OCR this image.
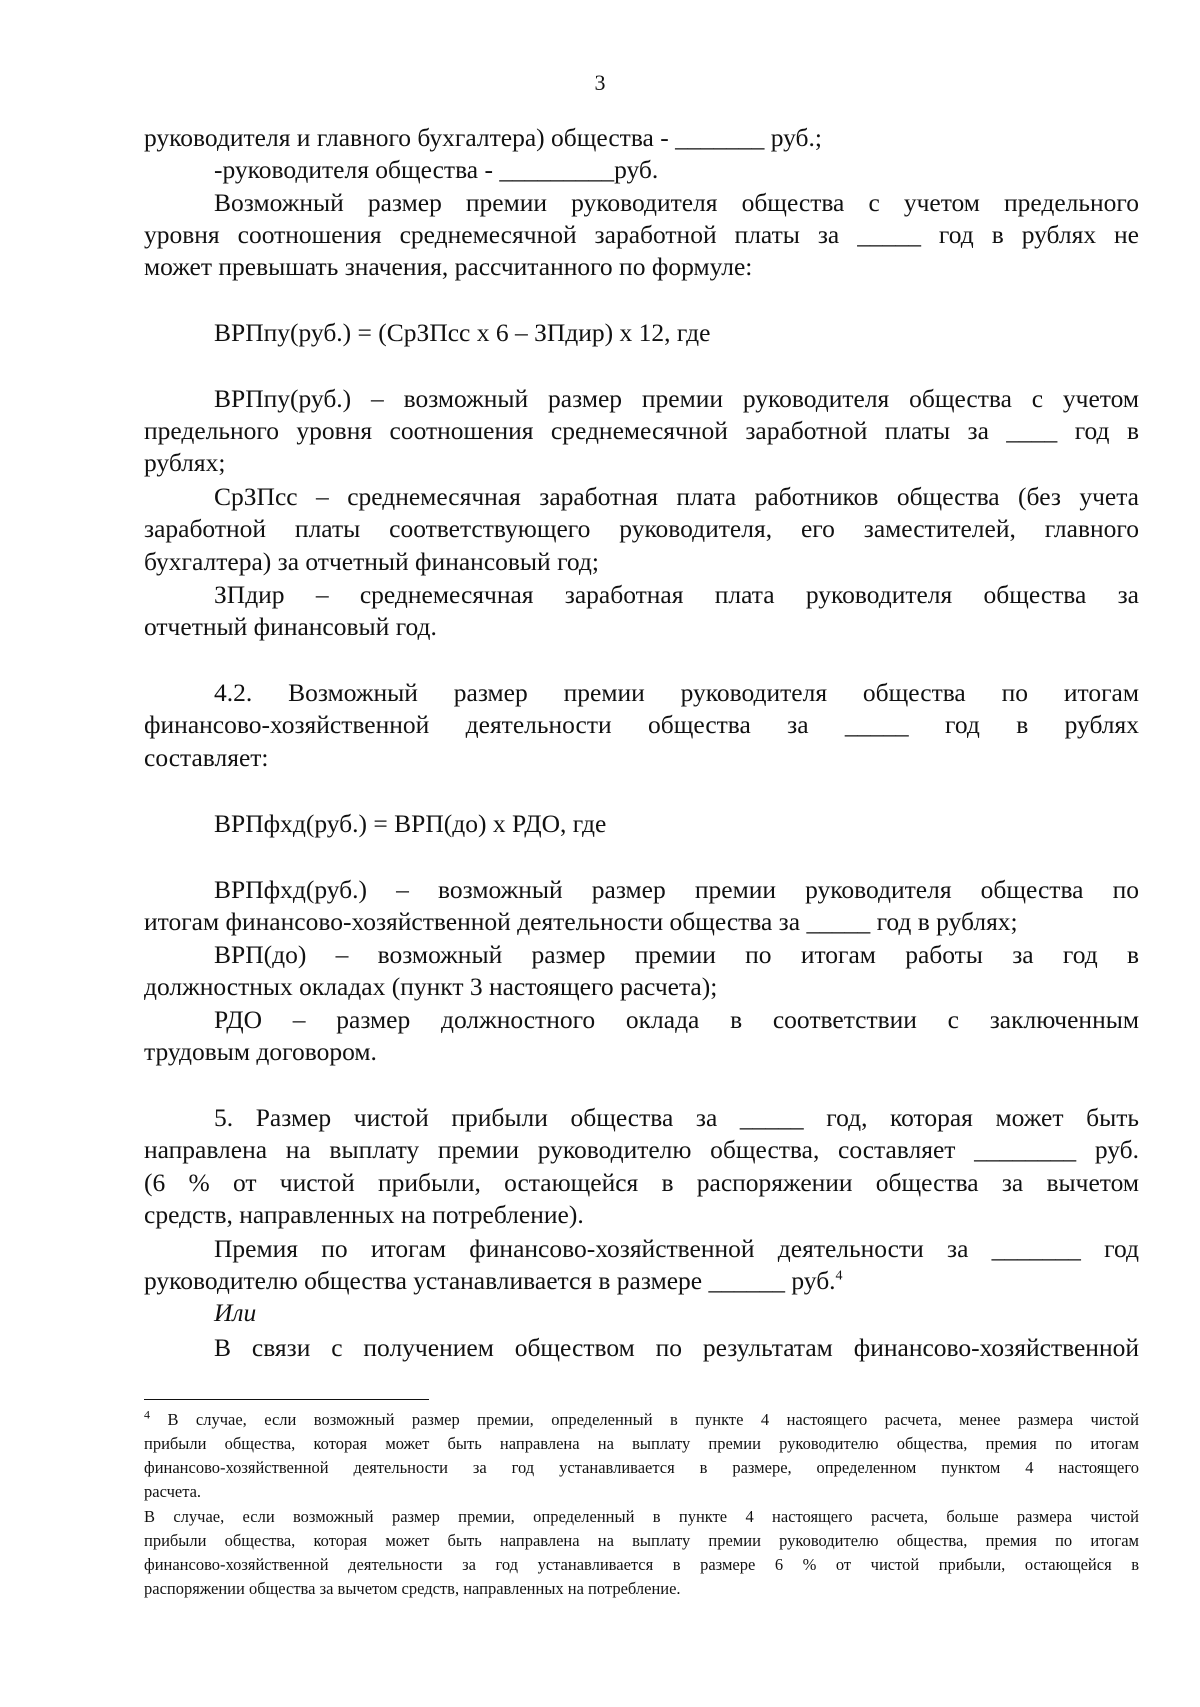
3
руководителя и главного бухгалтера) общества - _______ руб.;
-руководителя общества - _________руб.
Возможный размер премии руководителя общества с учетом предельного
уровня соотношения среднемесячной заработной платы за _____ год в рублях не
может превышать значения, рассчитанного по формуле:
ВРПпу(руб.) = (СрЗПсс х 6 – ЗПдир) х 12, где
ВРПпу(руб.) – возможный размер премии руководителя общества с учетом
предельного уровня соотношения среднемесячной заработной платы за ____ год в
рублях;
СрЗПсс – среднемесячная заработная плата работников общества (без учета
заработной платы соответствующего руководителя, его заместителей, главного
бухгалтера) за отчетный финансовый год;
ЗПдир – среднемесячная заработная плата руководителя общества за
отчетный финансовый год.
4.2. Возможный размер премии руководителя общества по итогам
финансово-хозяйственной деятельности общества за _____ год в рублях
составляет:
ВРПфхд(руб.) = ВРП(до) х РДО, где
ВРПфхд(руб.) – возможный размер премии руководителя общества по
итогам финансово-хозяйственной деятельности общества за _____ год в рублях;
ВРП(до) – возможный размер премии по итогам работы за год в
должностных окладах (пункт 3 настоящего расчета);
РДО – размер должностного оклада в соответствии с заключенным
трудовым договором.
5. Размер чистой прибыли общества за _____ год, которая может быть
направлена на выплату премии руководителю общества, составляет ________ руб.
(6 % от чистой прибыли, остающейся в распоряжении общества за вычетом
средств, направленных на потребление).
Премия по итогам финансово-хозяйственной деятельности за _______ год
руководителю общества устанавливается в размере ______ руб.$^4$
Или
В связи с получением обществом по результатам финансово-хозяйственной
$^4$ В случае, если возможный размер премии, определенный в пункте 4 настоящего расчета, менее размера чистой
прибыли общества, которая может быть направлена на выплату премии руководителю общества, премия по итогам
финансово-хозяйственной деятельности за год устанавливается в размере, определенном пунктом 4 настоящего
расчета.
В случае, если возможный размер премии, определенный в пункте 4 настоящего расчета, больше размера чистой
прибыли общества, которая может быть направлена на выплату премии руководителю общества, премия по итогам
финансово-хозяйственной деятельности за год устанавливается в размере 6 % от чистой прибыли, остающейся в
распоряжении общества за вычетом средств, направленных на потребление.
